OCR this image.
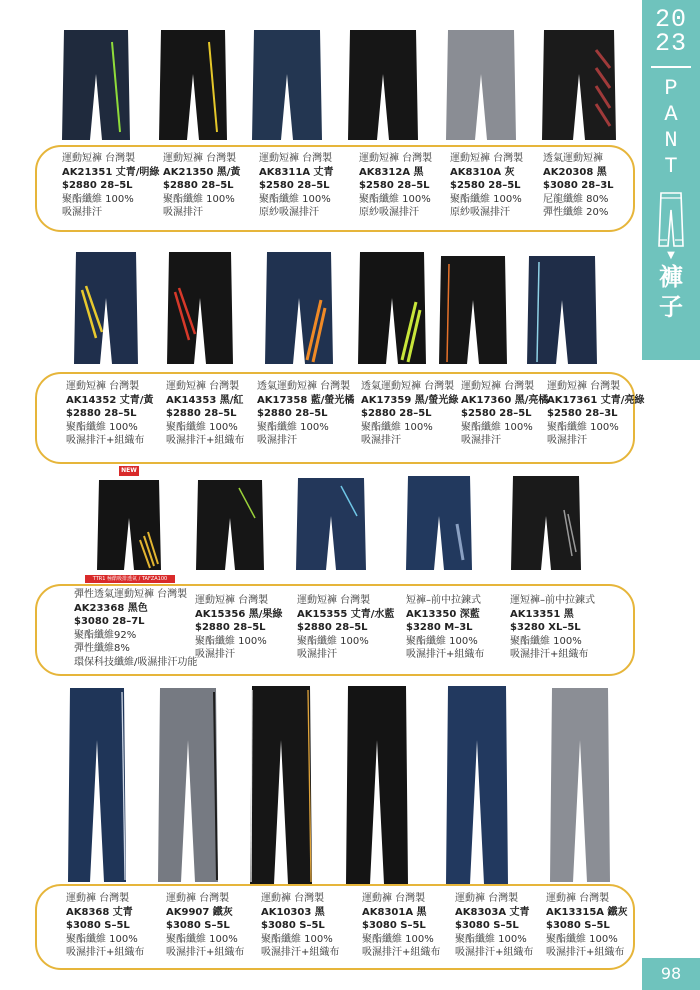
20
23
P
A
N
T
▼
褲
子
98
運動短褲 台灣製
AK21351 丈青/明綠
$2880 28–5L
聚酯纖維 100%
吸濕排汗
運動短褲 台灣製
AK21350 黑/黃
$2880 28–5L
聚酯纖維 100%
吸濕排汗
運動短褲 台灣製
AK8311A 丈青
$2580 28–5L
聚酯纖維 100%
原紗吸濕排汗
運動短褲 台灣製
AK8312A 黑
$2580 28–5L
聚酯纖維 100%
原紗吸濕排汗
運動短褲 台灣製
AK8310A 灰
$2580 28–5L
聚酯纖維 100%
原紗吸濕排汗
透氣運動短褲
AK20308 黑
$3080 28–3L
尼龍纖維 80%
彈性纖維 20%
運動短褲 台灣製
AK14352 丈青/黃
$2880 28–5L
聚酯纖維 100%
吸濕排汗+組織布
運動短褲 台灣製
AK14353 黑/紅
$2880 28–5L
聚酯纖維 100%
吸濕排汗+組織布
透氣運動短褲 台灣製
AK17358 藍/螢光橘
$2880 28–5L
聚酯纖維 100%
吸濕排汗
透氣運動短褲 台灣製
AK17359 黑/螢光綠
$2880 28–5L
聚酯纖維 100%
吸濕排汗
運動短褲 台灣製
AK17360 黑/亮橘
$2580 28–5L
聚酯纖維 100%
吸濕排汗
運動短褲 台灣製
AK17361 丈青/亮綠
$2580 28–3L
聚酯纖維 100%
吸濕排汗
NEW
TTR1 極酷吸排透氣 / TAFZA100
彈性透氣運動短褲 台灣製
AK23368 黑色
$3080 28–7L
聚酯纖維92%
彈性纖維8%
環保科技纖維/吸濕排汗功能
運動短褲 台灣製
AK15356 黑/果綠
$2880 28–5L
聚酯纖維 100%
吸濕排汗
運動短褲 台灣製
AK15355 丈青/水藍
$2880 28–5L
聚酯纖維 100%
吸濕排汗
短褲–前中拉鍊式
AK13350 深藍
$3280 M–3L
聚酯纖維 100%
吸濕排汗+組織布
運短褲–前中拉鍊式
AK13351 黑
$3280 XL–5L
聚酯纖維 100%
吸濕排汗+組織布
運動褲 台灣製
AK8368 丈青
$3080 S–5L
聚酯纖維 100%
吸濕排汗+組織布
運動褲 台灣製
AK9907 鐵灰
$3080 S–5L
聚酯纖維 100%
吸濕排汗+組織布
運動褲 台灣製
AK10303 黑
$3080 S–5L
聚酯纖維 100%
吸濕排汗+組織布
運動褲 台灣製
AK8301A 黑
$3080 S–5L
聚酯纖維 100%
吸濕排汗+組織布
運動褲 台灣製
AK8303A 丈青
$3080 S–5L
聚酯纖維 100%
吸濕排汗+組織布
運動褲 台灣製
AK13315A 鐵灰
$3080 S–5L
聚酯纖維 100%
吸濕排汗+組織布
